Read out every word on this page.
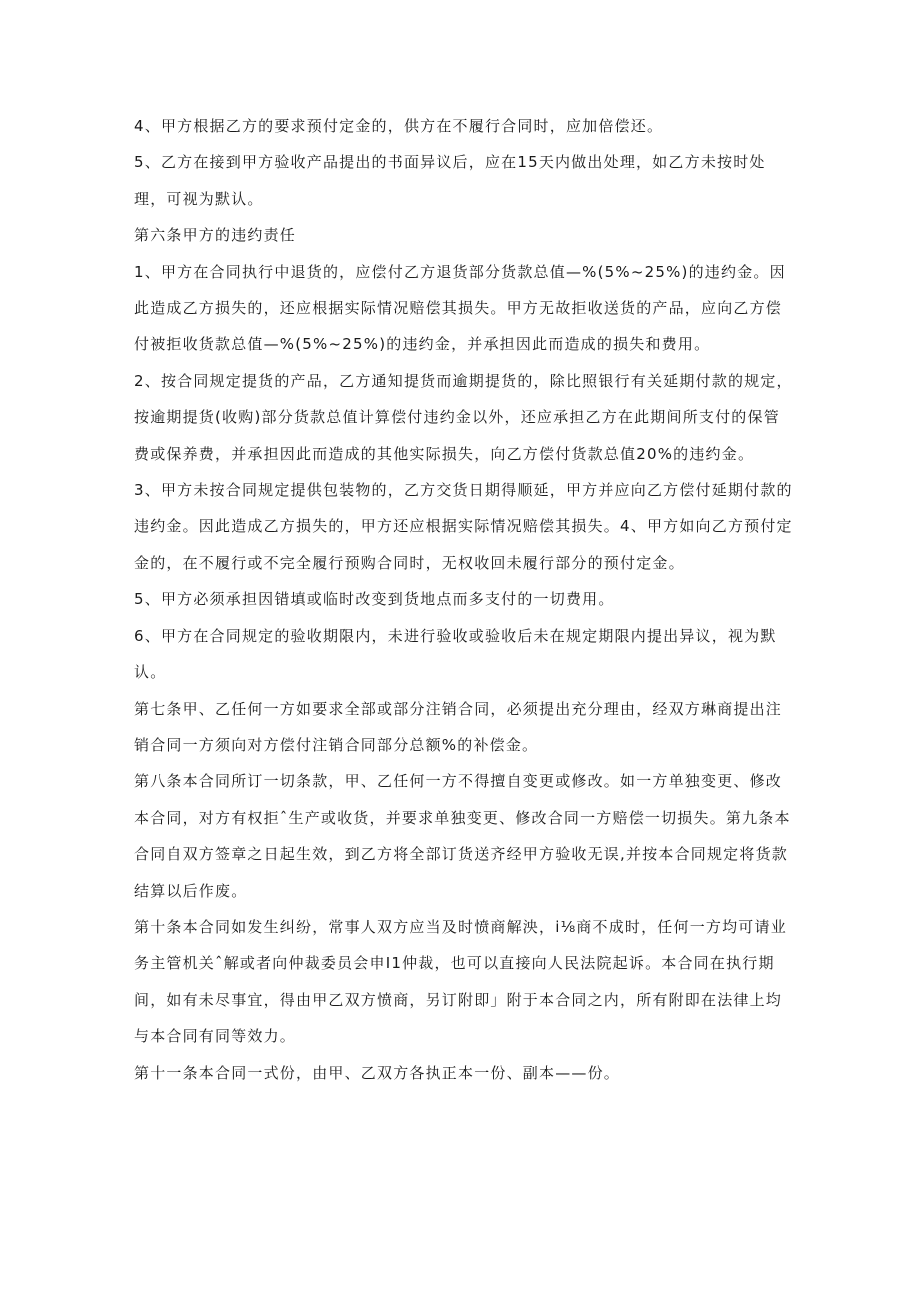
4、甲方根据乙方的要求预付定金的，供方在不履行合同时，应加倍偿还。

5、乙方在接到甲方验收产品提出的书面异议后，应在15天内做出处理，如乙方未按时处理，可视为默认。

第六条甲方的违约责任

1、甲方在合同执行中退货的，应偿付乙方退货部分货款总值—%(5%~25%)的违约金。因此造成乙方损失的，还应根据实际情况赔偿其损失。甲方无故拒收送货的产品，应向乙方偿付被拒收货款总值—%(5%~25%)的违约金，并承担因此而造成的损失和费用。

2、按合同规定提货的产品，乙方通知提货而逾期提货的，除比照银行有关延期付款的规定，按逾期提货(收购)部分货款总值计算偿付违约金以外，还应承担乙方在此期间所支付的保管费或保养费，并承担因此而造成的其他实际损失，向乙方偿付货款总值20%的违约金。

3、甲方未按合同规定提供包装物的，乙方交货日期得顺延，甲方并应向乙方偿付延期付款的违约金。因此造成乙方损失的，甲方还应根据实际情况赔偿其损失。4、甲方如向乙方预付定金的，在不履行或不完全履行预购合同时，无权收回未履行部分的预付定金。

5、甲方必须承担因错填或临时改变到货地点而多支付的一切费用。

6、甲方在合同规定的验收期限内，未进行验收或验收后未在规定期限内提出异议，视为默认。

第七条甲、乙任何一方如要求全部或部分注销合同，必须提出充分理由，经双方琳商提出注销合同一方须向对方偿付注销合同部分总额%的补偿金。

第八条本合同所订一切条款，甲、乙任何一方不得擅自变更或修改。如一方单独变更、修改本合同，对方有权拒ˆ生产或收货，并要求单独变更、修改合同一方赔偿一切损失。第九条本合同自双方签章之日起生效，到乙方将全部订货送齐经甲方验收无误,并按本合同规定将货款结算以后作废。

第十条本合同如发生纠纷，常事人双方应当及时愤商解泱，i⅛商不成时，任何一方均可请业务主管机关ˆ解或者向仲裁委员会申I1仲裁，也可以直接向人民法院起诉。本合同在执行期间，如有未尽事宜，得由甲乙双方愤商，另订附即」附于本合同之内，所有附即在法律上均与本合同有同等效力。

第十一条本合同一式份，由甲、乙双方各执正本一份、副本——份。
